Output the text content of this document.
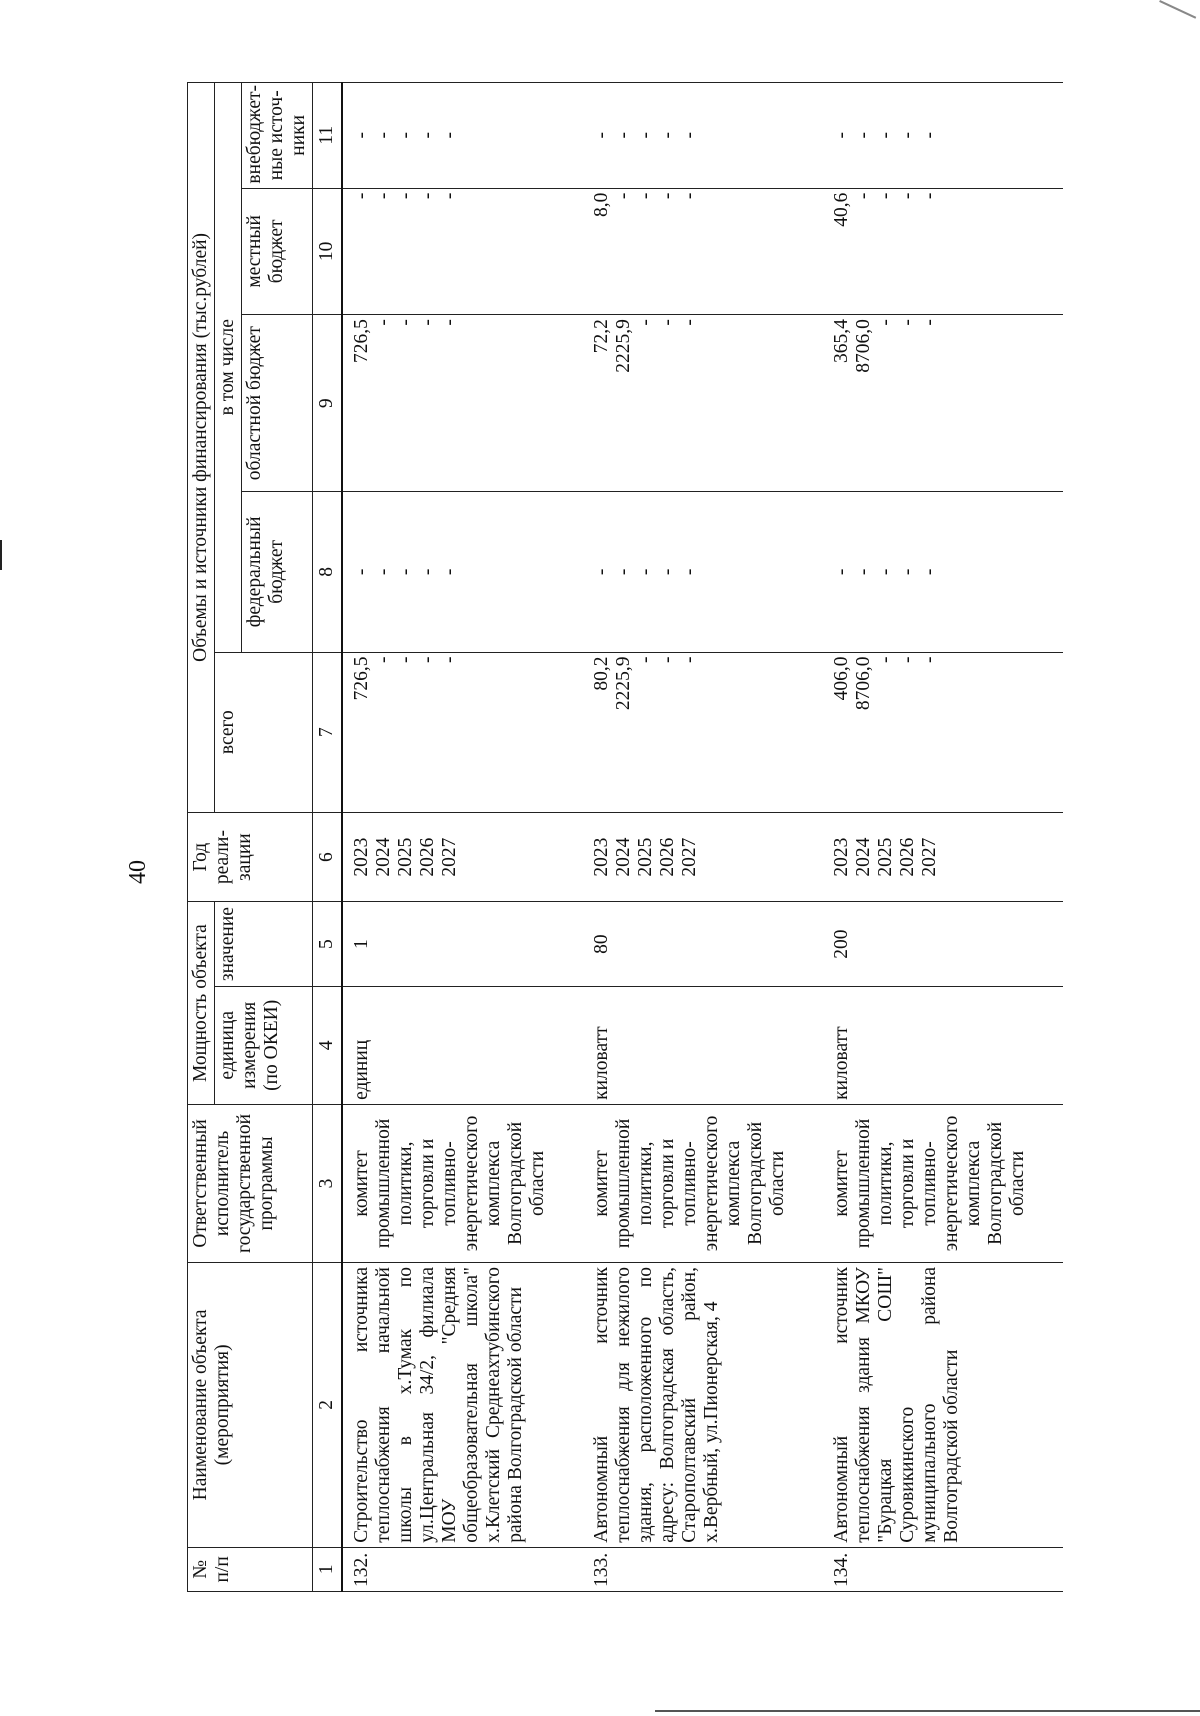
40
№ п/п	Наименование объекта (мероприятия)	Ответственный исполнитель государственной программы	Мощность объекта		Год реали-зации	Объемы и источники финансирования (тыс.рублей)				
			единица измерения (по ОКЕИ)	значение		всего	в том числе			
							федеральный бюджет	областной бюджет	местный бюджет	внебюджет-ные источ-ники
1	2	3	4	5	6	7	8	9	10	11
132.	Строительство источника теплоснабжения начальной школы в х.Тумак по ул.Центральная 34/2, филиала МОУ "Средняя общеобразовательная школа" х.Клетский Среднеахтубинского района Волгоградской области	комитет промышленной политики, торговли и топливно-энергетического комплекса Волгоградской области	единиц	1	2023 2024 2025 2026 2027	726,5 - - - -	- - - - -	726,5 - - - -	- - - - -	- - - - -

133.	Автономный источник теплоснабжения для нежилого здания, расположенного по адресу: Волгоградская область, Старополтавский район, х.Вербный, ул.Пионерская, 4	комитет промышленной политики, торговли и топливно-энергетического комплекса Волгоградской области	киловатт	80	2023 2024 2025 2026 2027	80,2 2225,9 - - -	- - - - -	72,2 2225,9 - - -	8,0 - - - -	- - - - -

134.	Автономный источник теплоснабжения здания МКОУ "Бурацкая СОШ" Суровикинского муниципального района Волгоградской области	комитет промышленной политики, торговли и топливно-энергетического комплекса Волгоградской области	киловатт	200	2023 2024 2025 2026 2027	406,0 8706,0 - - -	- - - - -	365,4 8706,0 - - -	40,6 - - - -	- - - - -
